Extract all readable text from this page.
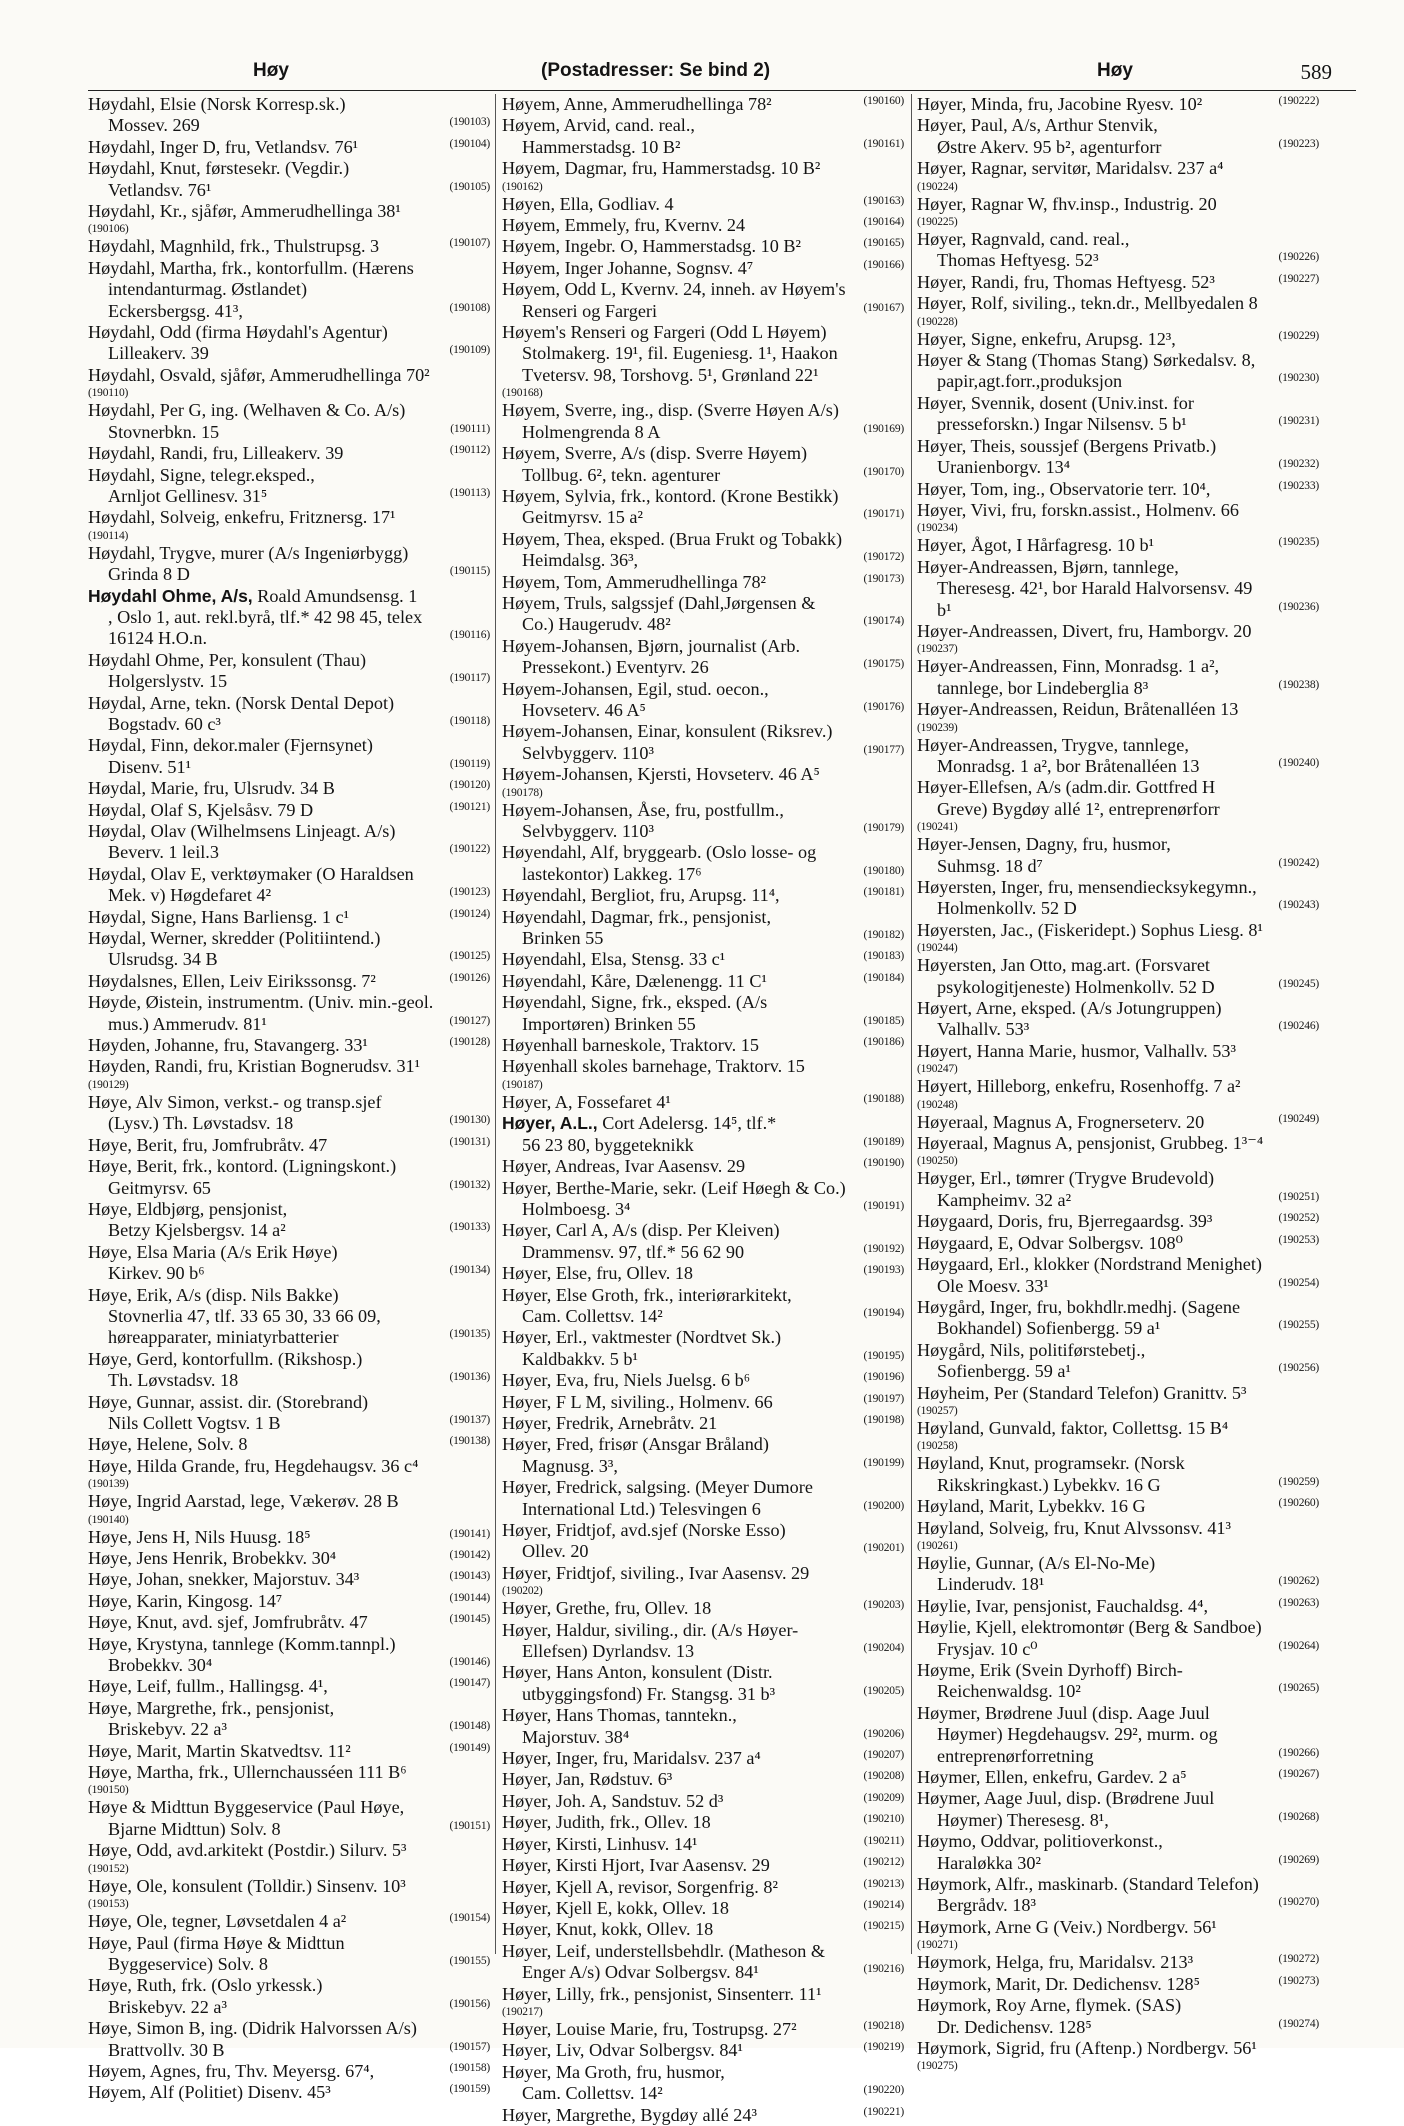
Høy	(Postadresser: Se bind 2)	Høy	589
Høydahl, Elsie (Norsk Korresp.sk.)
Mossev. 269	(190103)
Høydahl, Inger D, fru, Vetlandsv. 76¹	(190104)
Høydahl, Knut, førstesekr. (Vegdir.)
Vetlandsv. 76¹	(190105)
Høydahl, Kr., sjåfør, Ammerudhellinga 38¹
(190106)
Høydahl, Magnhild, frk., Thulstrupsg. 3	(190107)
Høydahl, Martha, frk., kontorfullm. (Hærens
intendanturmag. Østlandet)
Eckersbergsg. 41³,	(190108)
Høydahl, Odd (firma Høydahl's Agentur)
Lilleakerv. 39	(190109)
Høydahl, Osvald, sjåfør, Ammerudhellinga 70²
(190110)
Høydahl, Per G, ing. (Welhaven & Co. A/s)
Stovnerbkn. 15	(190111)
Høydahl, Randi, fru, Lilleakerv. 39	(190112)
Høydahl, Signe, telegr.eksped.,
Arnljot Gellinesv. 31⁵	(190113)
Høydahl, Solveig, enkefru, Fritznersg. 17¹
(190114)
Høydahl, Trygve, murer (A/s Ingeniørbygg)
Grinda 8 D	(190115)
Høydahl Ohme, A/s, Roald Amundsensg. 1
, Oslo 1, aut. rekl.byrå, tlf.* 42 98 45, telex
16124 H.O.n.	(190116)
Høydahl Ohme, Per, konsulent (Thau)
Holgerslystv. 15	(190117)
Høydal, Arne, tekn. (Norsk Dental Depot)
Bogstadv. 60 c³	(190118)
Høydal, Finn, dekor.maler (Fjernsynet)
Disenv. 51¹	(190119)
Høydal, Marie, fru, Ulsrudv. 34 B	(190120)
Høydal, Olaf S, Kjelsåsv. 79 D	(190121)
Høydal, Olav (Wilhelmsens Linjeagt. A/s)
Beverv. 1 leil.3	(190122)
Høydal, Olav E, verktøymaker (O Haraldsen
Mek. v) Høgdefaret 4²	(190123)
Høydal, Signe, Hans Barliensg. 1 c¹	(190124)
Høydal, Werner, skredder (Politiintend.)
Ulsrudsg. 34 B	(190125)
Høydalsnes, Ellen, Leiv Eirikssonsg. 7²	(190126)
Høyde, Øistein, instrumentm. (Univ. min.-geol.
mus.) Ammerudv. 81¹	(190127)
Høyden, Johanne, fru, Stavangerg. 33¹	(190128)
Høyden, Randi, fru, Kristian Bognerudsv. 31¹
(190129)
Høye, Alv Simon, verkst.- og transp.sjef
(Lysv.) Th. Løvstadsv. 18	(190130)
Høye, Berit, fru, Jomfrubråtv. 47	(190131)
Høye, Berit, frk., kontord. (Ligningskont.)
Geitmyrsv. 65	(190132)
Høye, Eldbjørg, pensjonist,
Betzy Kjelsbergsv. 14 a²	(190133)
Høye, Elsa Maria (A/s Erik Høye)
Kirkev. 90 b⁶	(190134)
Høye, Erik, A/s (disp. Nils Bakke)
Stovnerlia 47, tlf. 33 65 30, 33 66 09,
høreapparater, miniatyrbatterier	(190135)
Høye, Gerd, kontorfullm. (Rikshosp.)
Th. Løvstadsv. 18	(190136)
Høye, Gunnar, assist. dir. (Storebrand)
Nils Collett Vogtsv. 1 B	(190137)
Høye, Helene, Solv. 8	(190138)
Høye, Hilda Grande, fru, Hegdehaugsv. 36 c⁴
(190139)
Høye, Ingrid Aarstad, lege, Vækerøv. 28 B
(190140)
Høye, Jens H, Nils Huusg. 18⁵	(190141)
Høye, Jens Henrik, Brobekkv. 30⁴	(190142)
Høye, Johan, snekker, Majorstuv. 34³	(190143)
Høye, Karin, Kingosg. 14⁷	(190144)
Høye, Knut, avd. sjef, Jomfrubråtv. 47	(190145)
Høye, Krystyna, tannlege (Komm.tannpl.)
Brobekkv. 30⁴	(190146)
Høye, Leif, fullm., Hallingsg. 4¹,	(190147)
Høye, Margrethe, frk., pensjonist,
Briskebyv. 22 a³	(190148)
Høye, Marit, Martin Skatvedtsv. 11²	(190149)
Høye, Martha, frk., Ullernchausséen 111 B⁶
(190150)
Høye & Midttun Byggeservice (Paul Høye,
Bjarne Midttun) Solv. 8	(190151)
Høye, Odd, avd.arkitekt (Postdir.) Silurv. 5³
(190152)
Høye, Ole, konsulent (Tolldir.) Sinsenv. 10³
(190153)
Høye, Ole, tegner, Løvsetdalen 4 a²	(190154)
Høye, Paul (firma Høye & Midttun
Byggeservice) Solv. 8	(190155)
Høye, Ruth, frk. (Oslo yrkessk.)
Briskebyv. 22 a³	(190156)
Høye, Simon B, ing. (Didrik Halvorssen A/s)
Brattvollv. 30 B	(190157)
Høyem, Agnes, fru, Thv. Meyersg. 67⁴,	(190158)
Høyem, Alf (Politiet) Disenv. 45³	(190159)
Høyem, Anne, Ammerudhellinga 78²	(190160)
Høyem, Arvid, cand. real.,
Hammerstadsg. 10 B²	(190161)
Høyem, Dagmar, fru, Hammerstadsg. 10 B²
(190162)
Høyen, Ella, Godliav. 4	(190163)
Høyem, Emmely, fru, Kvernv. 24	(190164)
Høyem, Ingebr. O, Hammerstadsg. 10 B²	(190165)
Høyem, Inger Johanne, Sognsv. 4⁷	(190166)
Høyem, Odd L, Kvernv. 24, inneh. av Høyem's
Renseri og Fargeri	(190167)
Høyem's Renseri og Fargeri (Odd L Høyem)
Stolmakerg. 19¹, fil. Eugeniesg. 1¹, Haakon
Tvetersv. 98, Torshovg. 5¹, Grønland 22¹
(190168)
Høyem, Sverre, ing., disp. (Sverre Høyen A/s)
Holmengrenda 8 A	(190169)
Høyem, Sverre, A/s (disp. Sverre Høyem)
Tollbug. 6², tekn. agenturer	(190170)
Høyem, Sylvia, frk., kontord. (Krone Bestikk)
Geitmyrsv. 15 a²	(190171)
Høyem, Thea, eksped. (Brua Frukt og Tobakk)
Heimdalsg. 36³,	(190172)
Høyem, Tom, Ammerudhellinga 78²	(190173)
Høyem, Truls, salgssjef (Dahl,Jørgensen &
Co.) Haugerudv. 48²	(190174)
Høyem-Johansen, Bjørn, journalist (Arb.
Pressekont.) Eventyrv. 26	(190175)
Høyem-Johansen, Egil, stud. oecon.,
Hovseterv. 46 A⁵	(190176)
Høyem-Johansen, Einar, konsulent (Riksrev.)
Selvbyggerv. 110³	(190177)
Høyem-Johansen, Kjersti, Hovseterv. 46 A⁵
(190178)
Høyem-Johansen, Åse, fru, postfullm.,
Selvbyggerv. 110³	(190179)
Høyendahl, Alf, bryggearb. (Oslo losse- og
lastekontor) Lakkeg. 17⁶	(190180)
Høyendahl, Bergliot, fru, Arupsg. 11⁴,	(190181)
Høyendahl, Dagmar, frk., pensjonist,
Brinken 55	(190182)
Høyendahl, Elsa, Stensg. 33 c¹	(190183)
Høyendahl, Kåre, Dælenengg. 11 C¹	(190184)
Høyendahl, Signe, frk., eksped. (A/s
Importøren) Brinken 55	(190185)
Høyenhall barneskole, Traktorv. 15	(190186)
Høyenhall skoles barnehage, Traktorv. 15
(190187)
Høyer, A, Fossefaret 4¹	(190188)
Høyer, A.L., Cort Adelersg. 14⁵, tlf.*
56 23 80, byggeteknikk	(190189)
Høyer, Andreas, Ivar Aasensv. 29	(190190)
Høyer, Berthe-Marie, sekr. (Leif Høegh & Co.)
Holmboesg. 3⁴	(190191)
Høyer, Carl A, A/s (disp. Per Kleiven)
Drammensv. 97, tlf.* 56 62 90	(190192)
Høyer, Else, fru, Ollev. 18	(190193)
Høyer, Else Groth, frk., interiørarkitekt,
Cam. Collettsv. 14²	(190194)
Høyer, Erl., vaktmester (Nordtvet Sk.)
Kaldbakkv. 5 b¹	(190195)
Høyer, Eva, fru, Niels Juelsg. 6 b⁶	(190196)
Høyer, F L M, siviling., Holmenv. 66	(190197)
Høyer, Fredrik, Arnebråtv. 21	(190198)
Høyer, Fred, frisør (Ansgar Bråland)
Magnusg. 3³,	(190199)
Høyer, Fredrick, salgsing. (Meyer Dumore
International Ltd.) Telesvingen 6	(190200)
Høyer, Fridtjof, avd.sjef (Norske Esso)
Ollev. 20	(190201)
Høyer, Fridtjof, siviling., Ivar Aasensv. 29
(190202)
Høyer, Grethe, fru, Ollev. 18	(190203)
Høyer, Haldur, siviling., dir. (A/s Høyer-
Ellefsen) Dyrlandsv. 13	(190204)
Høyer, Hans Anton, konsulent (Distr.
utbyggingsfond) Fr. Stangsg. 31 b³	(190205)
Høyer, Hans Thomas, tanntekn.,
Majorstuv. 38⁴	(190206)
Høyer, Inger, fru, Maridalsv. 237 a⁴	(190207)
Høyer, Jan, Rødstuv. 6³	(190208)
Høyer, Joh. A, Sandstuv. 52 d³	(190209)
Høyer, Judith, frk., Ollev. 18	(190210)
Høyer, Kirsti, Linhusv. 14¹	(190211)
Høyer, Kirsti Hjort, Ivar Aasensv. 29	(190212)
Høyer, Kjell A, revisor, Sorgenfrig. 8²	(190213)
Høyer, Kjell E, kokk, Ollev. 18	(190214)
Høyer, Knut, kokk, Ollev. 18	(190215)
Høyer, Leif, understellsbehdlr. (Matheson &
Enger A/s) Odvar Solbergsv. 84¹	(190216)
Høyer, Lilly, frk., pensjonist, Sinsenterr. 11¹
(190217)
Høyer, Louise Marie, fru, Tostrupsg. 27²	(190218)
Høyer, Liv, Odvar Solbergsv. 84¹	(190219)
Høyer, Ma Groth, fru, husmor,
Cam. Collettsv. 14²	(190220)
Høyer, Margrethe, Bygdøy allé 24³	(190221)
Høyer, Minda, fru, Jacobine Ryesv. 10²	(190222)
Høyer, Paul, A/s, Arthur Stenvik,
Østre Akerv. 95 b², agenturforr	(190223)
Høyer, Ragnar, servitør, Maridalsv. 237 a⁴
(190224)
Høyer, Ragnar W, fhv.insp., Industrig. 20
(190225)
Høyer, Ragnvald, cand. real.,
Thomas Heftyesg. 52³	(190226)
Høyer, Randi, fru, Thomas Heftyesg. 52³	(190227)
Høyer, Rolf, siviling., tekn.dr., Mellbyedalen 8
(190228)
Høyer, Signe, enkefru, Arupsg. 12³,	(190229)
Høyer & Stang (Thomas Stang) Sørkedalsv. 8,
papir,agt.forr.,produksjon	(190230)
Høyer, Svennik, dosent (Univ.inst. for
presseforskn.) Ingar Nilsensv. 5 b¹	(190231)
Høyer, Theis, soussjef (Bergens Privatb.)
Uranienborgv. 13⁴	(190232)
Høyer, Tom, ing., Observatorie terr. 10⁴,	(190233)
Høyer, Vivi, fru, forskn.assist., Holmenv. 66
(190234)
Høyer, Ågot, I Hårfagresg. 10 b¹	(190235)
Høyer-Andreassen, Bjørn, tannlege,
Theresesg. 42¹, bor Harald Halvorsensv. 49
b¹	(190236)
Høyer-Andreassen, Divert, fru, Hamborgv. 20
(190237)
Høyer-Andreassen, Finn, Monradsg. 1 a²,
tannlege, bor Lindeberglia 8³	(190238)
Høyer-Andreassen, Reidun, Bråtenalléen 13
(190239)
Høyer-Andreassen, Trygve, tannlege,
Monradsg. 1 a², bor Bråtenalléen 13	(190240)
Høyer-Ellefsen, A/s (adm.dir. Gottfred H
Greve) Bygdøy allé 1², entreprenørforr
(190241)
Høyer-Jensen, Dagny, fru, husmor,
Suhmsg. 18 d⁷	(190242)
Høyersten, Inger, fru, mensendiecksykegymn.,
Holmenkollv. 52 D	(190243)
Høyersten, Jac., (Fiskeridept.) Sophus Liesg. 8¹
(190244)
Høyersten, Jan Otto, mag.art. (Forsvaret
psykologitjeneste) Holmenkollv. 52 D	(190245)
Høyert, Arne, eksped. (A/s Jotungruppen)
Valhallv. 53³	(190246)
Høyert, Hanna Marie, husmor, Valhallv. 53³
(190247)
Høyert, Hilleborg, enkefru, Rosenhoffg. 7 a²
(190248)
Høyeraal, Magnus A, Frognerseterv. 20	(190249)
Høyeraal, Magnus A, pensjonist, Grubbeg. 1³⁻⁴
(190250)
Høyger, Erl., tømrer (Trygve Brudevold)
Kampheimv. 32 a²	(190251)
Høygaard, Doris, fru, Bjerregaardsg. 39³	(190252)
Høygaard, E, Odvar Solbergsv. 108⁰	(190253)
Høygaard, Erl., klokker (Nordstrand Menighet)
Ole Moesv. 33¹	(190254)
Høygård, Inger, fru, bokhdlr.medhj. (Sagene
Bokhandel) Sofienbergg. 59 a¹	(190255)
Høygård, Nils, politiførstebetj.,
Sofienbergg. 59 a¹	(190256)
Høyheim, Per (Standard Telefon) Granittv. 5³
(190257)
Høyland, Gunvald, faktor, Collettsg. 15 B⁴
(190258)
Høyland, Knut, programsekr. (Norsk
Rikskringkast.) Lybekkv. 16 G	(190259)
Høyland, Marit, Lybekkv. 16 G	(190260)
Høyland, Solveig, fru, Knut Alvssonsv. 41³
(190261)
Høylie, Gunnar, (A/s El-No-Me)
Linderudv. 18¹	(190262)
Høylie, Ivar, pensjonist, Fauchaldsg. 4⁴,	(190263)
Høylie, Kjell, elektromontør (Berg & Sandboe)
Frysjav. 10 c⁰	(190264)
Høyme, Erik (Svein Dyrhoff) Birch-
Reichenwaldsg. 10²	(190265)
Høymer, Brødrene Juul (disp. Aage Juul
Høymer) Hegdehaugsv. 29², murm. og
entreprenørforretning	(190266)
Høymer, Ellen, enkefru, Gardev. 2 a⁵	(190267)
Høymer, Aage Juul, disp. (Brødrene Juul
Høymer) Theresesg. 8¹,	(190268)
Høymo, Oddvar, politioverkonst.,
Haraløkka 30²	(190269)
Høymork, Alfr., maskinarb. (Standard Telefon)
Bergrådv. 18³	(190270)
Høymork, Arne G (Veiv.) Nordbergv. 56¹
(190271)
Høymork, Helga, fru, Maridalsv. 213³	(190272)
Høymork, Marit, Dr. Dedichensv. 128⁵	(190273)
Høymork, Roy Arne, flymek. (SAS)
Dr. Dedichensv. 128⁵	(190274)
Høymork, Sigrid, fru (Aftenp.) Nordbergv. 56¹
(190275)
